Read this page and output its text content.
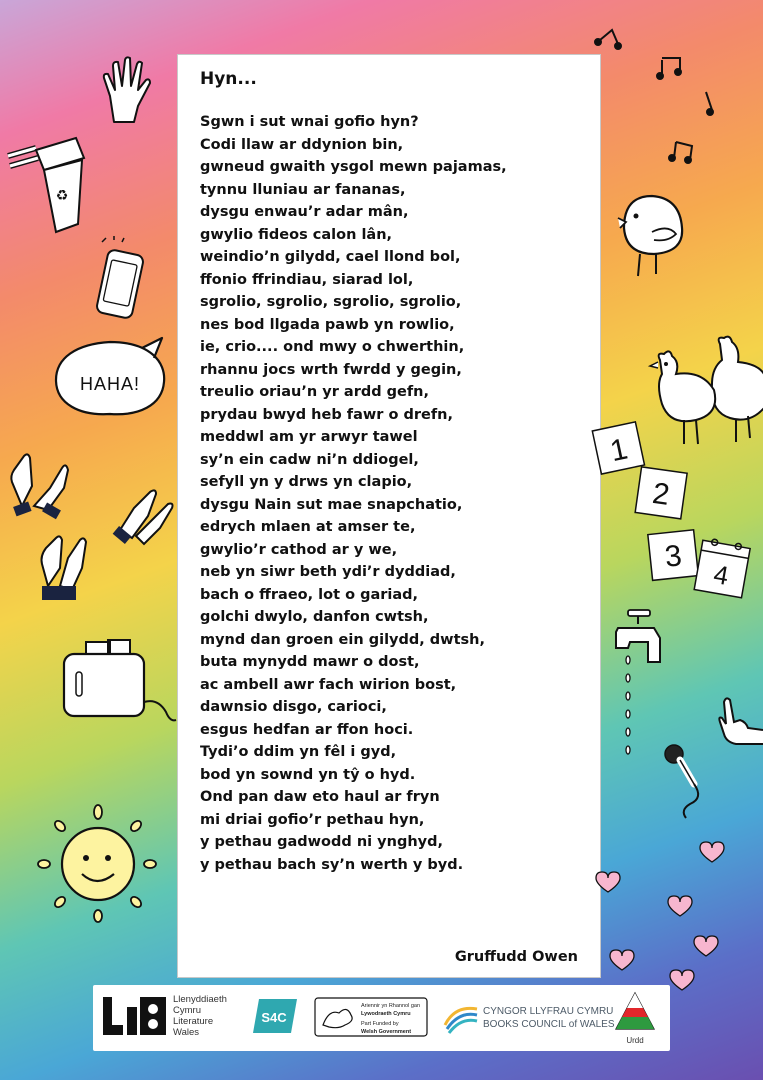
Hyn...
Sgwn i sut wnai gofio hyn?
Codi llaw ar ddynion bin,
gwneud gwaith ysgol mewn pajamas,
tynnu lluniau ar fananas,
dysgu enwau’r adar mân,
gwylio fideos calon lân,
weindio’n gilydd, cael llond bol,
ffonio ffrindiau, siarad lol,
sgrolio, sgrolio, sgrolio, sgrolio,
nes bod llgada pawb yn rowlio,
ie, crio.... ond mwy o chwerthin,
rhannu jocs wrth fwrdd y gegin,
treulio oriau’n yr ardd gefn,
prydau bwyd heb fawr o drefn,
meddwl am yr arwyr tawel
sy’n ein cadw ni’n ddiogel,
sefyll yn y drws yn clapio,
dysgu Nain sut mae snapchatio,
edrych mlaen at amser te,
gwylio’r cathod ar y we,
neb yn siwr beth ydi’r dyddiad,
bach o ffraeo, lot o gariad,
golchi dwylo, danfon cwtsh,
mynd dan groen ein gilydd, dwtsh,
buta mynydd mawr o dost,
ac ambell awr fach wirion bost,
dawnsio disgo, carioci,
esgus hedfan ar ffon hoci.
Tydi’o ddim yn fêl i gyd,
bod yn sownd yn tŷ o hyd.
Ond pan daw eto haul ar fryn
mi driai gofio’r pethau hyn,
y pethau gadwodd ni ynghyd,
y pethau bach sy’n werth y byd.

Gruffudd Owen

♻
HAHA!
1
2
3
4
Llenyddiaeth
Cymru
Literature
Wales
S4C
Ariennir yn Rhannol gan
Lywodraeth Cymru
Part Funded by
Welsh Government
CYNGOR LLYFRAU CYMRU
BOOKS COUNCIL of WALES
Urdd
